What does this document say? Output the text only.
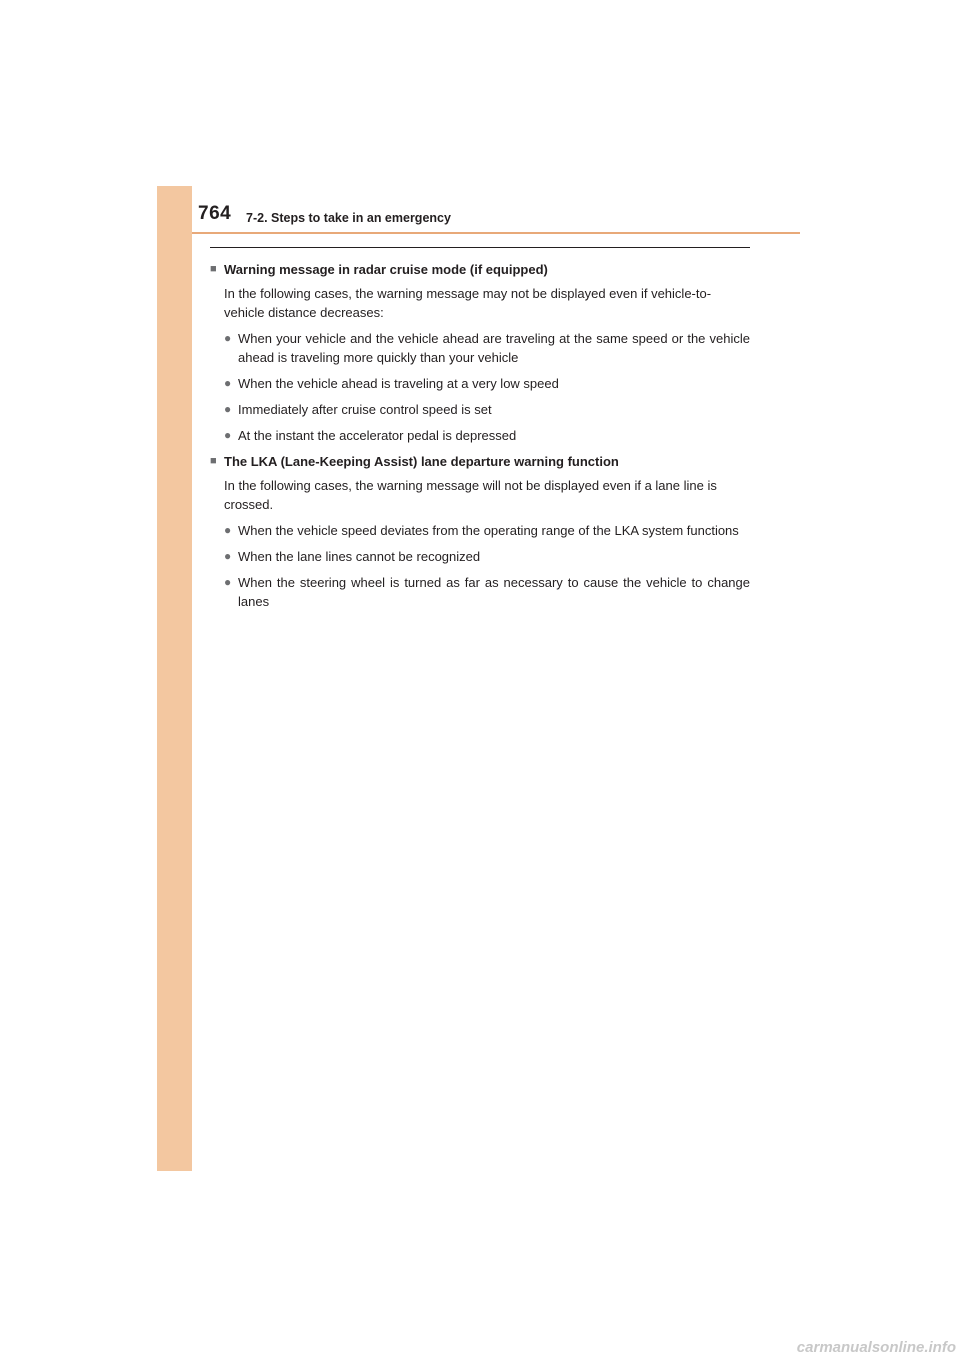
764 7-2. Steps to take in an emergency

■ Warning message in radar cruise mode (if equipped)

In the following cases, the warning message may not be displayed even if vehicle-to-vehicle distance decreases:

● When your vehicle and the vehicle ahead are traveling at the same speed or the vehicle ahead is traveling more quickly than your vehicle
● When the vehicle ahead is traveling at a very low speed
● Immediately after cruise control speed is set
● At the instant the accelerator pedal is depressed

■ The LKA (Lane-Keeping Assist) lane departure warning function

In the following cases, the warning message will not be displayed even if a lane line is crossed.

● When the vehicle speed deviates from the operating range of the LKA system functions
● When the lane lines cannot be recognized
● When the steering wheel is turned as far as necessary to cause the vehicle to change lanes
carmanualsonline.info
